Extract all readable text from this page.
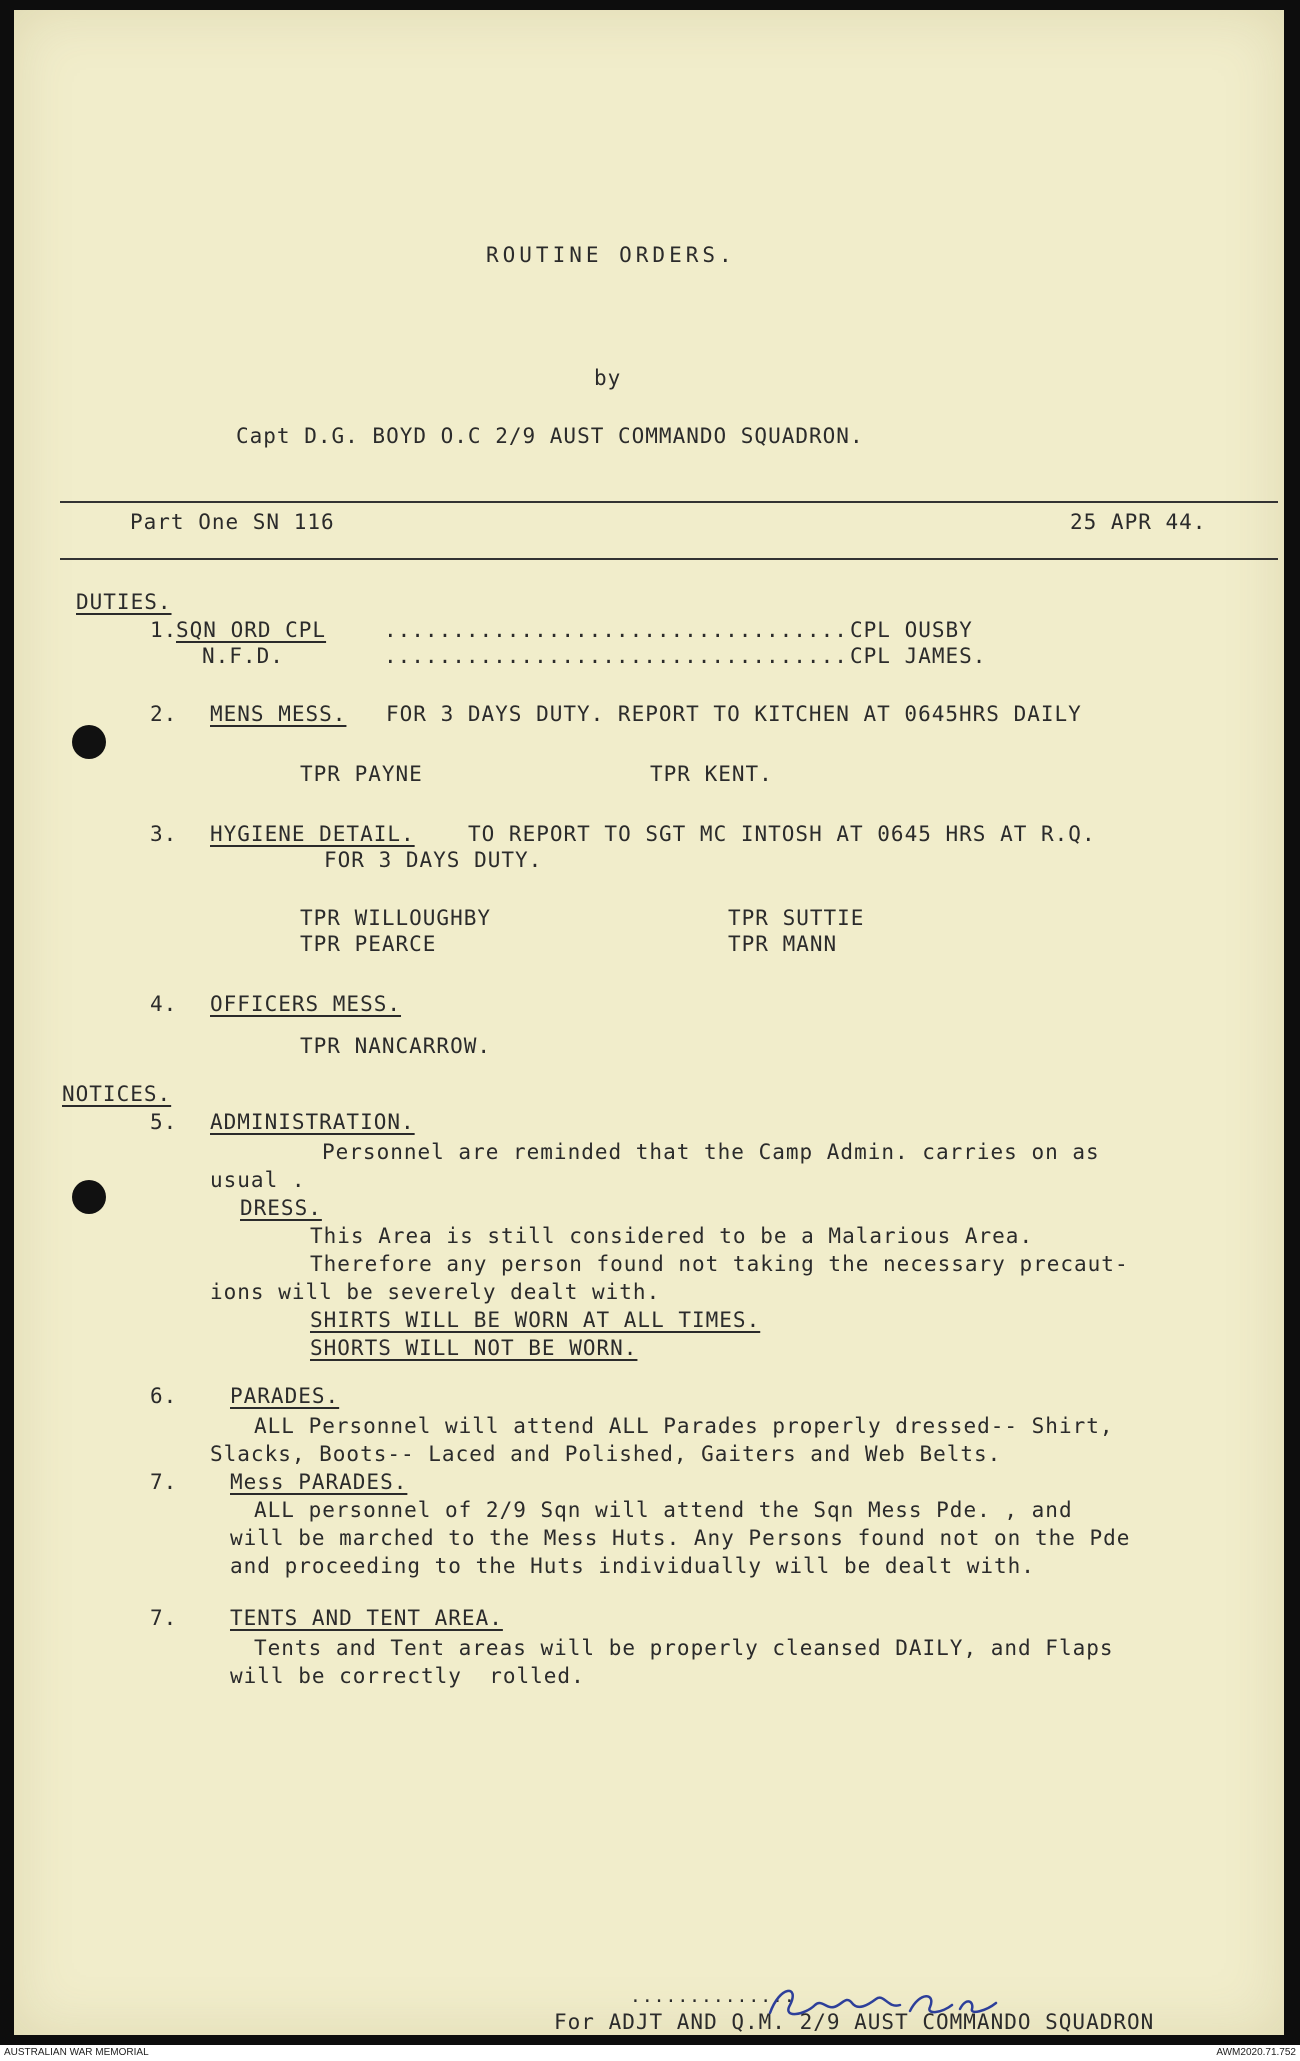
ROUTINE ORDERS.
by
Capt D.G. BOYD O.C 2/9 AUST COMMANDO SQUADRON.
Part One SN 116	25 APR 44.
DUTIES.
1.
SQN ORD CPL	.................................. CPL OUSBY
N.F.D.	.................................. CPL JAMES.
2. MENS MESS. FOR 3 DAYS DUTY. REPORT TO KITCHEN AT 0645HRS DAILY
TPR PAYNE	TPR KENT.
3. HYGIENE DETAIL.	TO REPORT TO SGT MC INTOSH AT 0645 HRS AT R.Q.
FOR 3 DAYS DUTY.
TPR WILLOUGHBY	TPR SUTTIE
TPR PEARCE	TPR MANN
4. OFFICERS MESS.
TPR NANCARROW.
NOTICES.
5. ADMINISTRATION.
Personnel are reminded that the Camp Admin. carries on as
usual .
DRESS.
This Area is still considered to be a Malarious Area.
Therefore any person found not taking the necessary precaut-
ions will be severely dealt with.
SHIRTS WILL BE WORN AT ALL TIMES.
SHORTS WILL NOT BE WORN.
6.	PARADES.
ALL Personnel will attend ALL Parades properly dressed-- Shirt,
Slacks, Boots-- Laced and Polished, Gaiters and Web Belts.
7.	Mess PARADES.
ALL personnel of 2/9 Sqn will attend the Sqn Mess Pde. , and
will be marched to the Mess Huts. Any Persons found not on the Pde
and proceeding to the Huts individually will be dealt with.
7.	TENTS AND TENT AREA.
Tents and Tent areas will be properly cleansed DAILY, and Flaps
will be correctly  rolled.
..............
For ADJT AND Q.M. 2/9 AUST COMMANDO SQUADRON
AUSTRALIAN WAR MEMORIAL	AWM2020.71.752
